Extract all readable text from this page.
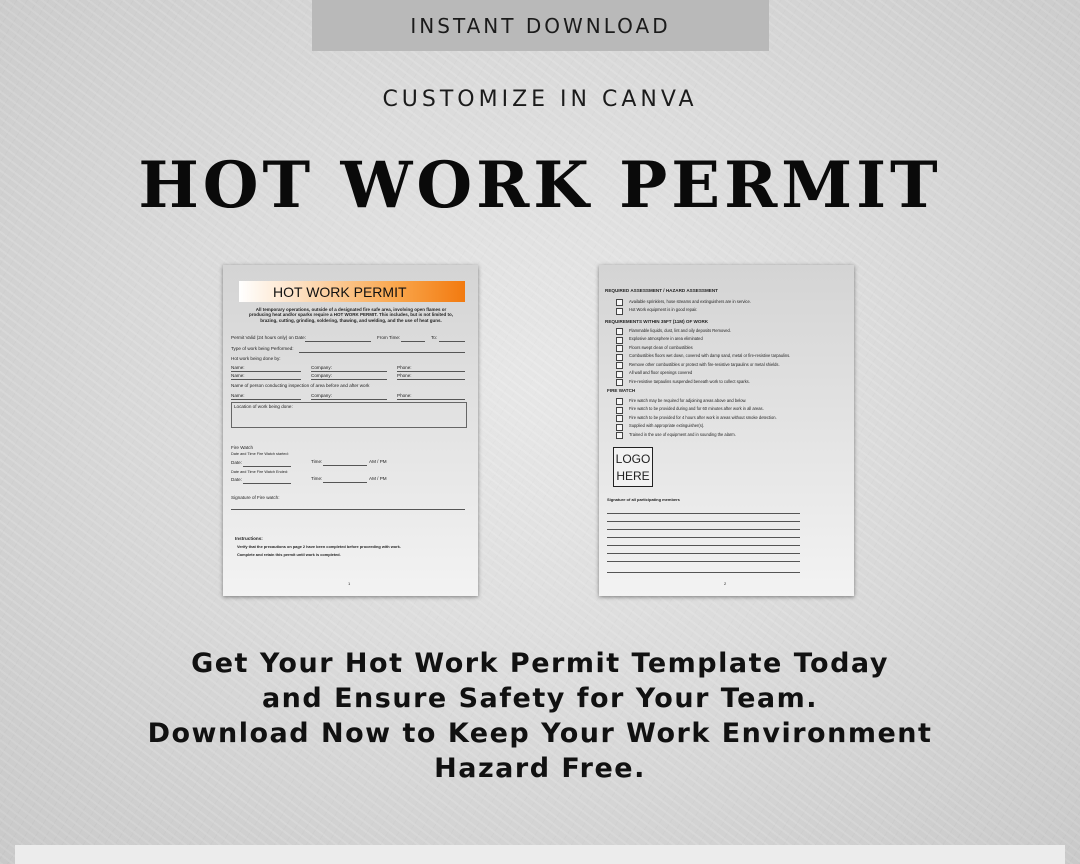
INSTANT DOWNLOAD
CUSTOMIZE IN CANVA
HOT WORK PERMIT
HOT WORK PERMIT
All temporary operations, outside of a designated fire safe area, involving open flames or producing heat and/or sparks require a HOT WORK PERMIT. This includes, but is not limited to, brazing, cutting, grinding, soldering, thawing, and welding, and the use of heat guns.
Permit Valid (24 hours only) on Date:	From Time:	To:
Type of work being Performed:
Hot work being done by:
Name:	Company:	Phone:
Name:	Company:	Phone:
Name of person conducting inspection of area before and after work
Name:	Company:	Phone:
Location of work being done:
Fire Watch
Date and Time Fire Watch started:
Date:	Time:	AM / PM
Date and Time Fire Watch Ended:
Date:	Time:	AM / PM
Signature of Fire watch:
Instructions:
Verify that the precautions on page 2 have been completed before proceeding with work.
Complete and retain this permit until work is completed.
1
REQUIRED ASSESSMENT / HAZARD ASSESSMENT
Available sprinklers, hose streams and extinguishers are in service.
Hot Work equipment is in good repair.
REQUIREMENTS WITHIN 35FT (11M) OF WORK
Flammable liquids, dust, lint and oily deposits Removed.
Explosive atmosphere in area eliminated
Floors swept clean of combustibles
Combustibles floors wet down, covered with damp sand, metal or fire-resistive tarpaulins.
Remove other combustibles or protect with fire-resistive tarpaulins or metal shields.
All wall and floor openings covered
Fire-resistive tarpaulins suspended beneath work to collect sparks.
FIRE WATCH
Fire watch may be required for adjoining areas above and below.
Fire watch to be provided during and for 60 minutes after work in all areas.
Fire watch to be provided for 4 hours after work in areas without smoke detection.
Supplied with appropriate extinguisher(s).
Trained in the use of equipment and in sounding the alarm.
LOGO
HERE
Signature of all participating members
2
Get Your Hot Work Permit Template Today
and Ensure Safety for Your Team.
Download Now to Keep Your Work Environment
Hazard Free.
